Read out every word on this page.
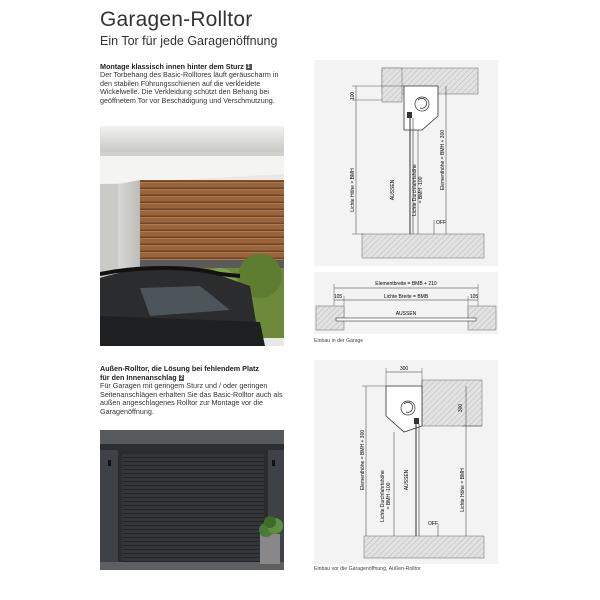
Garagen-Rolltor
Ein Tor für jede Garagenöffnung
Montage klassisch innen hinter dem Sturz 1
Der Torbehang des Basic-Rolltores läuft geräuscharm in den stabilen Führungsschienen auf die verkleidete Wickelwelle. Die Verkleidung schützt den Behang bei geöffnetem Tor vor Beschädigung und Verschmutzung.
Außen-Rolltor, die Lösung bei fehlendem Platz
für den Innenanschlag 2
Für Garagen mit geringem Sturz und / oder geringen Seitenanschlägen erhalten Sie das Basic-Rolltor auch als außen angeschlagenes Rolltor zur Montage vor die Garagenöffnung.
100
Lichte Höhe = BMH	AUSSEN	Lichte Durchfahrtshöhe = BMH -100	Elementhöhe = BMH + 300
OFF
Elementbreite = BMB + 210
105	Lichte Breite = BMB	105
AUSSEN
Einbau in der Garage
300
300
Elementhöhe = BMH + 300
Lichte Durchfahrtshöhe = BMH -100
AUSSEN	Lichte Höhe = BMH
OFF
Einbau vor die Garagenöffnung, Außen-Rolltor
